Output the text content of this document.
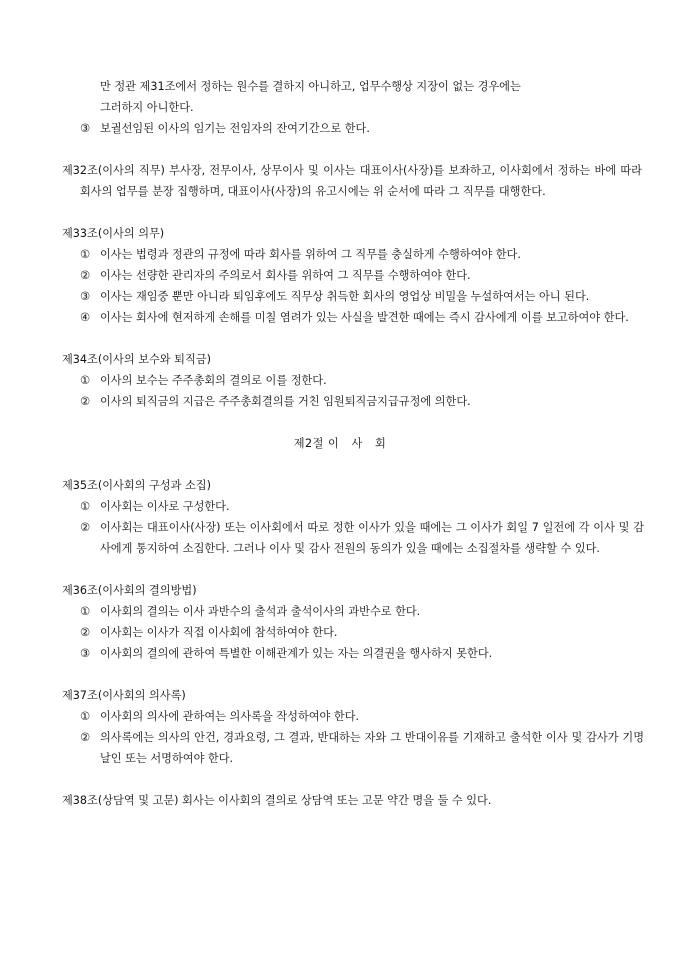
만 정관 제31조에서 정하는 원수를 결하지 아니하고, 업무수행상 지장이 없는 경우에는
그러하지 아니한다.
③ 보궐선임된 이사의 임기는 전임자의 잔여기간으로 한다.
제32조(이사의 직무) 부사장, 전무이사, 상무이사 및 이사는 대표이사(사장)를 보좌하고, 이사회에서 정하는 바에 따라 회사의 업무를 분장 집행하며, 대표이사(사장)의 유고시에는 위 순서에 따라 그 직무를 대행한다.
제33조(이사의 의무)
① 이사는 법령과 정관의 규정에 따라 회사를 위하여 그 직무를 충실하게 수행하여야 한다.
② 이사는 선량한 관리자의 주의로서 회사를 위하여 그 직무를 수행하여야 한다.
③ 이사는 재임중 뿐만 아니라 퇴임후에도 직무상 취득한 회사의 영업상 비밀을 누설하여서는 아니 된다.
④ 이사는 회사에 현저하게 손해를 미칠 염려가 있는 사실을 발견한 때에는 즉시 감사에게 이를 보고하여야 한다.
제34조(이사의 보수와 퇴직금)
① 이사의 보수는 주주총회의 결의로 이를 정한다.
② 이사의 퇴직금의 지급은 주주총회결의를 거친 임원퇴직금지급규정에 의한다.
제2절 이   사   회
제35조(이사회의 구성과 소집)
① 이사회는 이사로 구성한다.
② 이사회는 대표이사(사장) 또는 이사회에서 따로 정한 이사가 있을 때에는 그 이사가 회일 7 일전에 각 이사 및 감사에게 통지하여 소집한다. 그러나 이사 및 감사 전원의 동의가 있을 때에는 소집절차를 생략할 수 있다.
제36조(이사회의 결의방법)
① 이사회의 결의는 이사 과반수의 출석과 출석이사의 과반수로 한다.
② 이사회는 이사가 직접 이사회에 참석하여야 한다.
③ 이사회의 결의에 관하여 특별한 이해관계가 있는 자는 의결권을 행사하지 못한다.
제37조(이사회의 의사록)
① 이사회의 의사에 관하여는 의사록을 작성하여야 한다.
② 의사록에는 의사의 안건, 경과요령, 그 결과, 반대하는 자와 그 반대이유를 기재하고 출석한 이사 및 감사가 기명날인 또는 서명하여야 한다.
제38조(상담역 및 고문) 회사는 이사회의 결의로 상담역 또는 고문 약간 명을 둘 수 있다.
